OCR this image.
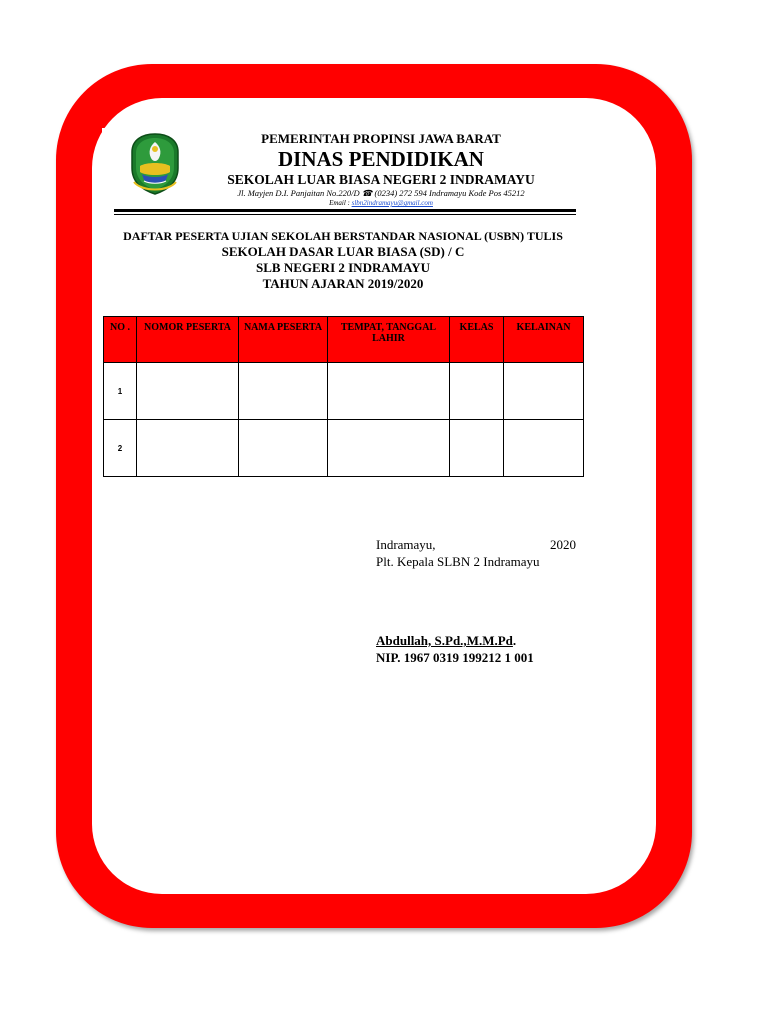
PEMERINTAH PROPINSI JAWA BARAT
DINAS PENDIDIKAN
SEKOLAH LUAR BIASA NEGERI 2 INDRAMAYU
Jl. Mayjen D.I. Panjaitan No.220/D ☎ (0234) 272 594 Indramayu Kode Pos 45212
Email : slbn2indramayu@gmail.com
DAFTAR PESERTA UJIAN SEKOLAH BERSTANDAR NASIONAL (USBN) TULIS
SEKOLAH DASAR LUAR BIASA (SD) / C
SLB NEGERI 2 INDRAMAYU
TAHUN AJARAN 2019/2020
NO .	NOMOR PESERTA	NAMA PESERTA	TEMPAT, TANGGAL LAHIR	KELAS	KELAINAN
1					
2					
Indramayu,	2020
Plt. Kepala SLBN 2 Indramayu
Abdullah, S.Pd.,M.M.Pd.
NIP. 1967 0319 199212 1 001
